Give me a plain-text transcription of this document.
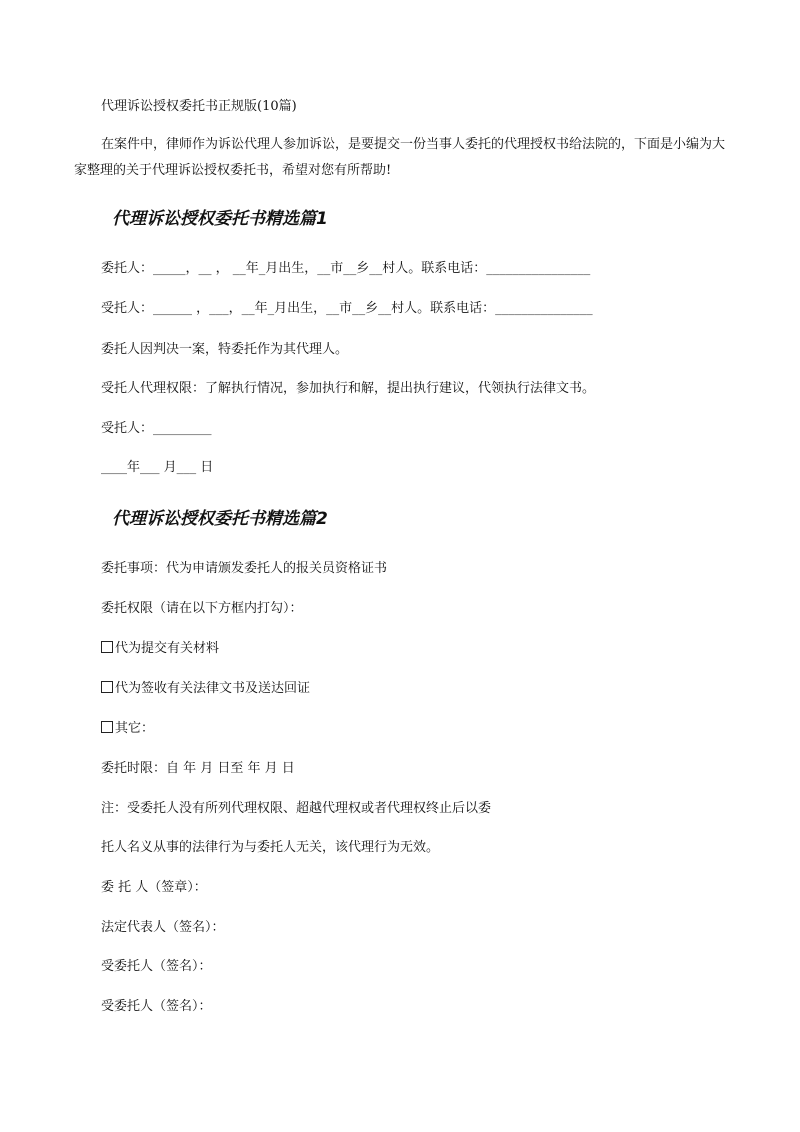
代理诉讼授权委托书正规版(10篇)
在案件中，律师作为诉讼代理人参加诉讼，是要提交一份当事人委托的代理授权书给法院的，下面是小编为大家整理的关于代理诉讼授权委托书，希望对您有所帮助!
代理诉讼授权委托书精选篇1
委托人：_____，__ ， __年_月出生，__市__乡__村人。联系电话：________________
受托人：______ ，___，__年_月出生，__市__乡__村人。联系电话：_______________
委托人因判决一案，特委托作为其代理人。
受托人代理权限：了解执行情况，参加执行和解，提出执行建议，代领执行法律文书。
受托人：_________
____年___ 月___ 日
代理诉讼授权委托书精选篇2
委托事项：代为申请颁发委托人的报关员资格证书
委托权限（请在以下方框内打勾）：
代为提交有关材料
代为签收有关法律文书及送达回证
其它：
委托时限：自 年 月 日至 年 月 日
注：受委托人没有所列代理权限、超越代理权或者代理权终止后以委
托人名义从事的法律行为与委托人无关，该代理行为无效。
委 托 人（签章）：
法定代表人（签名）：
受委托人（签名）：
受委托人（签名）：
